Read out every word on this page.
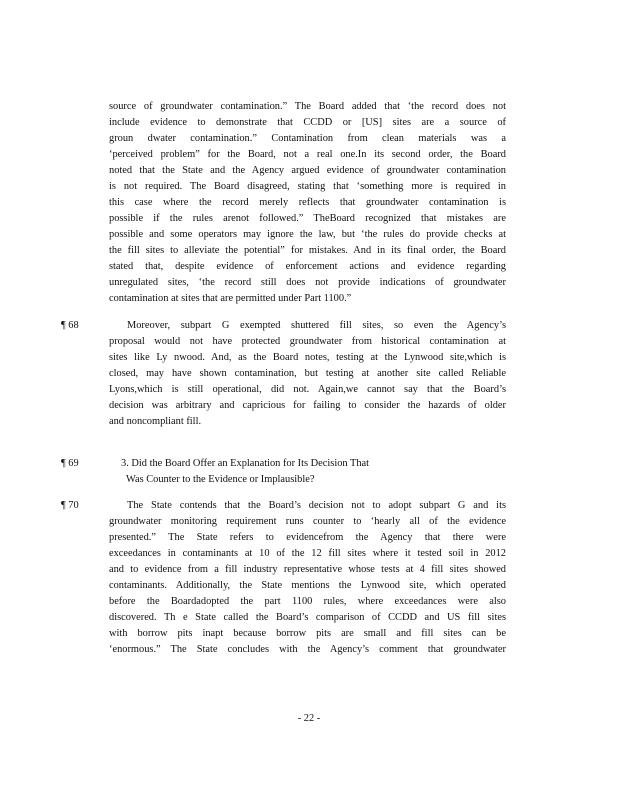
source of groundwater contamination.” The Board added that ‘the record does not
include evidence to demonstrate that CCDD or [US] sites are a source of
groun dwater contamination.” Contamination from clean materials was a
‘perceived problem” for the Board, not a real one.In its second order, the Board
noted that the State and the Agency argued evidence of groundwater contamination
is not required. The Board disagreed, stating that ‘something more is required in
this case where the record merely reflects that groundwater contamination is
possible if the rules arenot followed.” TheBoard recognized that mistakes are
possible and some operators may ignore the law, but ‘the rules do provide checks at
the fill sites to alleviate the potential” for mistakes. And in its final order, the Board
stated that, despite evidence of enforcement actions and evidence regarding
unregulated sites, ‘the record still does not provide indications of groundwater
contamination at sites that are permitted under Part 1100.”
¶ 68	Moreover, subpart G exempted shuttered fill sites, so even the Agency’s
proposal would not have protected groundwater from historical contamination at
sites like Ly nwood. And, as the Board notes, testing at the Lynwood site,which is
closed, may have shown contamination, but testing at another site called Reliable
Lyons,which is still operational, did not. Again,we cannot say that the Board’s
decision was arbitrary and capricious for failing to consider the hazards of older
and noncompliant fill.
¶ 69	3. Did the Board Offer an Explanation for Its Decision That
Was Counter to the Evidence or Implausible?
¶ 70	The State contends that the Board’s decision not to adopt subpart G and its
groundwater monitoring requirement runs counter to ‘hearly all of the evidence
presented.” The State refers to evidencefrom the Agency that there were
exceedances in contaminants at 10 of the 12 fill sites where it tested soil in 2012
and to evidence from a fill industry representative whose tests at 4 fill sites showed
contaminants. Additionally, the State mentions the Lynwood site, which operated
before the Boardadopted the part 1100 rules, where exceedances were also
discovered. Th e State called the Board’s comparison of CCDD and US fill sites
with borrow pits inapt because borrow pits are small and fill sites can be
‘enormous.” The State concludes with the Agency’s comment that groundwater
- 22 -
